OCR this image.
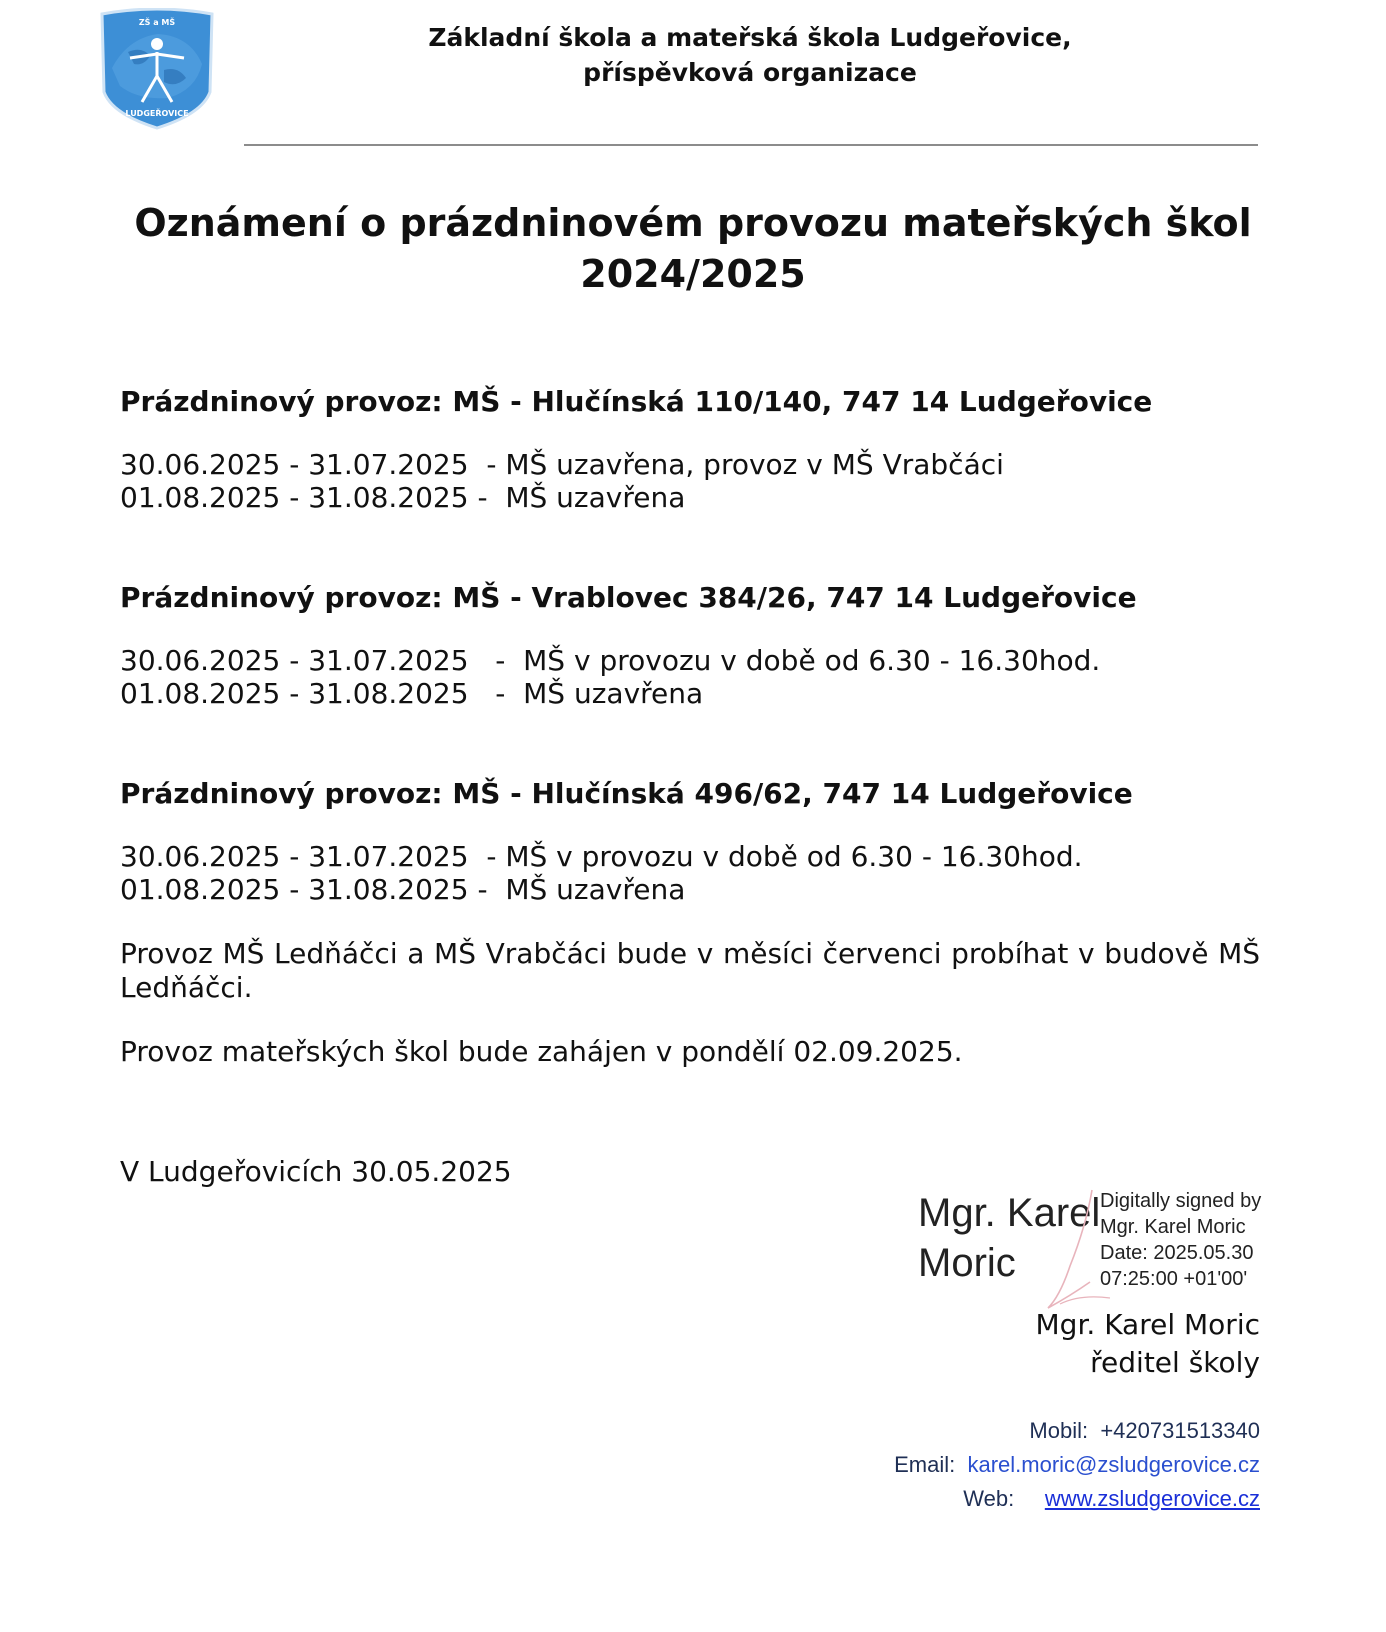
ZŠ a MŠ
LUDGEŘOVICE
Základní škola a mateřská škola Ludgeřovice,
příspěvková organizace
Oznámení o prázdninovém provozu mateřských škol
2024/2025
Prázdninový provoz: MŠ - Hlučínská 110/140, 747 14 Ludgeřovice
30.06.2025 - 31.07.2025  - MŠ uzavřena, provoz v MŠ Vrabčáci
01.08.2025 - 31.08.2025 -  MŠ uzavřena
Prázdninový provoz: MŠ - Vrablovec 384/26, 747 14 Ludgeřovice
30.06.2025 - 31.07.2025   -  MŠ v provozu v době od 6.30 - 16.30hod.
01.08.2025 - 31.08.2025   -  MŠ uzavřena
Prázdninový provoz: MŠ - Hlučínská 496/62, 747 14 Ludgeřovice
30.06.2025 - 31.07.2025  - MŠ v provozu v době od 6.30 - 16.30hod.
01.08.2025 - 31.08.2025 -  MŠ uzavřena
Provoz MŠ Ledňáčci a MŠ Vrabčáci bude v měsíci červenci probíhat v budově MŠ Ledňáčci.
Provoz mateřských škol bude zahájen v pondělí 02.09.2025.
V Ludgeřovicích 30.05.2025
Mgr. Karel
Moric
Digitally signed by
Mgr. Karel Moric
Date: 2025.05.30
07:25:00 +01'00'
Mgr. Karel Moric
ředitel školy
Mobil: +420731513340
Email: karel.moric@zsludgerovice.cz
Web: www.zsludgerovice.cz
